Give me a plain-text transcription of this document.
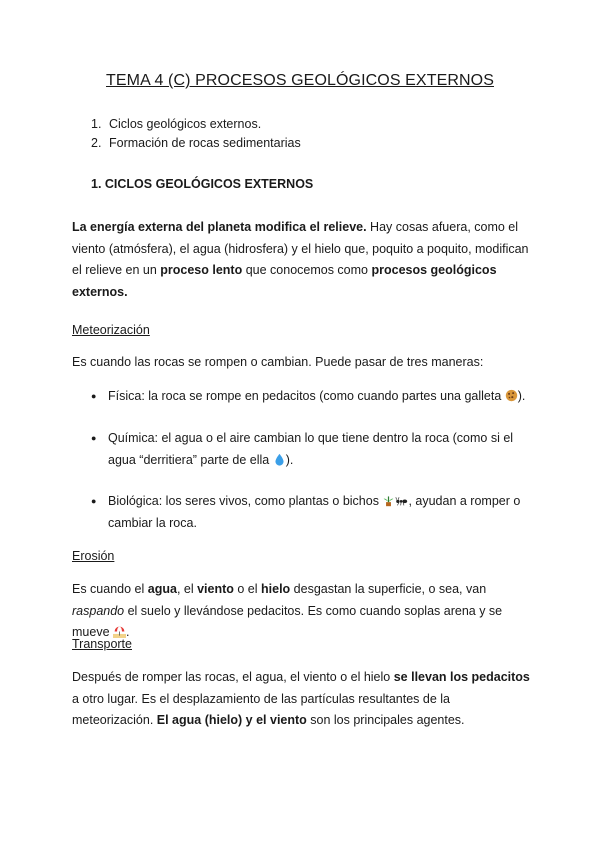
TEMA 4 (C) PROCESOS GEOLÓGICOS EXTERNOS
1. Ciclos geológicos externos.
2. Formación de rocas sedimentarias
1. CICLOS GEOLÓGICOS EXTERNOS
La energía externa del planeta modifica el relieve. Hay cosas afuera, como el viento (atmósfera), el agua (hidrosfera) y el hielo que, poquito a poquito, modifican el relieve en un proceso lento que conocemos como procesos geológicos externos.
Meteorización
Es cuando las rocas se rompen o cambian. Puede pasar de tres maneras:
● Física: la roca se rompe en pedacitos (como cuando partes una galleta ).
● Química: el agua o el aire cambian lo que tiene dentro la roca (como si el agua “derritiera” parte de ella ).
● Biológica: los seres vivos, como plantas o bichos , ayudan a romper o cambiar la roca.
Erosión
Es cuando el agua, el viento o el hielo desgastan la superficie, o sea, van raspando el suelo y llevándose pedacitos. Es como cuando soplas arena y se mueve .
Transporte
Después de romper las rocas, el agua, el viento o el hielo se llevan los pedacitos a otro lugar. Es el desplazamiento de las partículas resultantes de la meteorización. El agua (hielo) y el viento son los principales agentes.
